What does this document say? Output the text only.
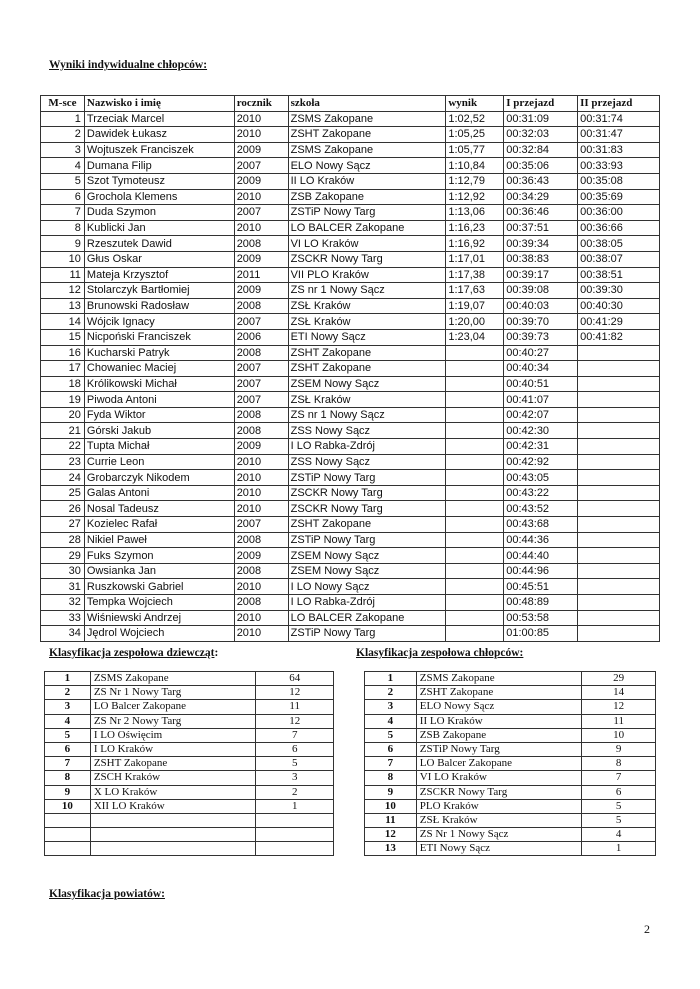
Wyniki indywidualne chłopców:
M-sce	Nazwisko i imię	rocznik	szkoła	wynik	I przejazd	II przejazd
1	Trzeciak Marcel	2010	ZSMS Zakopane	1:02,52	00:31:09	00:31:74
2	Dawidek Łukasz	2010	ZSHT Zakopane	1:05,25	00:32:03	00:31:47
3	Wojtuszek Franciszek	2009	ZSMS Zakopane	1:05,77	00:32:84	00:31:83
4	Dumana Filip	2007	ELO Nowy Sącz	1:10,84	00:35:06	00:33:93
5	Szot Tymoteusz	2009	II LO Kraków	1:12,79	00:36:43	00:35:08
6	Grochola Klemens	2010	ZSB Zakopane	1:12,92	00:34:29	00:35:69
7	Duda Szymon	2007	ZSTiP Nowy Targ	1:13,06	00:36:46	00:36:00
8	Kublicki Jan	2010	LO BALCER Zakopane	1:16,23	00:37:51	00:36:66
9	Rzeszutek Dawid	2008	VI LO Kraków	1:16,92	00:39:34	00:38:05
10	Głus Oskar	2009	ZSCKR Nowy Targ	1:17,01	00:38:83	00:38:07
11	Mateja Krzysztof	2011	VII PLO Kraków	1:17,38	00:39:17	00:38:51
12	Stolarczyk Bartłomiej	2009	ZS nr 1 Nowy Sącz	1:17,63	00:39:08	00:39:30
13	Brunowski Radosław	2008	ZSŁ Kraków	1:19,07	00:40:03	00:40:30
14	Wójcik Ignacy	2007	ZSŁ Kraków	1:20,00	00:39:70	00:41:29
15	Nicpoński Franciszek	2006	ETI Nowy Sącz	1:23,04	00:39:73	00:41:82
16	Kucharski Patryk	2008	ZSHT Zakopane		00:40:27	
17	Chowaniec Maciej	2007	ZSHT Zakopane		00:40:34	
18	Królikowski Michał	2007	ZSEM Nowy Sącz		00:40:51	
19	Piwoda Antoni	2007	ZSŁ Kraków		00:41:07	
20	Fyda Wiktor	2008	ZS nr 1 Nowy Sącz		00:42:07	
21	Górski Jakub	2008	ZSS Nowy Sącz		00:42:30	
22	Tupta Michał	2009	I LO Rabka-Zdrój		00:42:31	
23	Currie Leon	2010	ZSS Nowy Sącz		00:42:92	
24	Grobarczyk Nikodem	2010	ZSTiP Nowy Targ		00:43:05	
25	Galas Antoni	2010	ZSCKR Nowy Targ		00:43:22	
26	Nosal Tadeusz	2010	ZSCKR Nowy Targ		00:43:52	
27	Kozielec Rafał	2007	ZSHT Zakopane		00:43:68	
28	Nikiel Paweł	2008	ZSTiP Nowy Targ		00:44:36	
29	Fuks Szymon	2009	ZSEM Nowy Sącz		00:44:40	
30	Owsianka Jan	2008	ZSEM Nowy Sącz		00:44:96	
31	Ruszkowski Gabriel	2010	I LO Nowy Sącz		00:45:51	
32	Tempka Wojciech	2008	I LO Rabka-Zdrój		00:48:89	
33	Wiśniewski Andrzej	2010	LO BALCER Zakopane		00:53:58	
34	Jędrol Wojciech	2010	ZSTiP Nowy Targ		01:00:85	
Klasyfikacja zespołowa dziewcząt:
1	ZSMS Zakopane	64
2	ZS Nr 1 Nowy Targ	12
3	LO Balcer Zakopane	11
4	ZS Nr 2 Nowy Targ	12
5	I LO Oświęcim	7
6	I LO Kraków	6
7	ZSHT Zakopane	5
8	ZSCH Kraków	3
9	X LO Kraków	2
10	XII LO Kraków	1

Klasyfikacja zespołowa chłopców:
1	ZSMS Zakopane	29
2	ZSHT Zakopane	14
3	ELO Nowy Sącz	12
4	II LO Kraków	11
5	ZSB Zakopane	10
6	ZSTiP Nowy Targ	9
7	LO Balcer Zakopane	8
8	VI LO Kraków	7
9	ZSCKR Nowy Targ	6
10	PLO Kraków	5
11	ZSŁ Kraków	5
12	ZS Nr 1 Nowy Sącz	4
13	ETI Nowy Sącz	1
Klasyfikacja powiatów:
2
